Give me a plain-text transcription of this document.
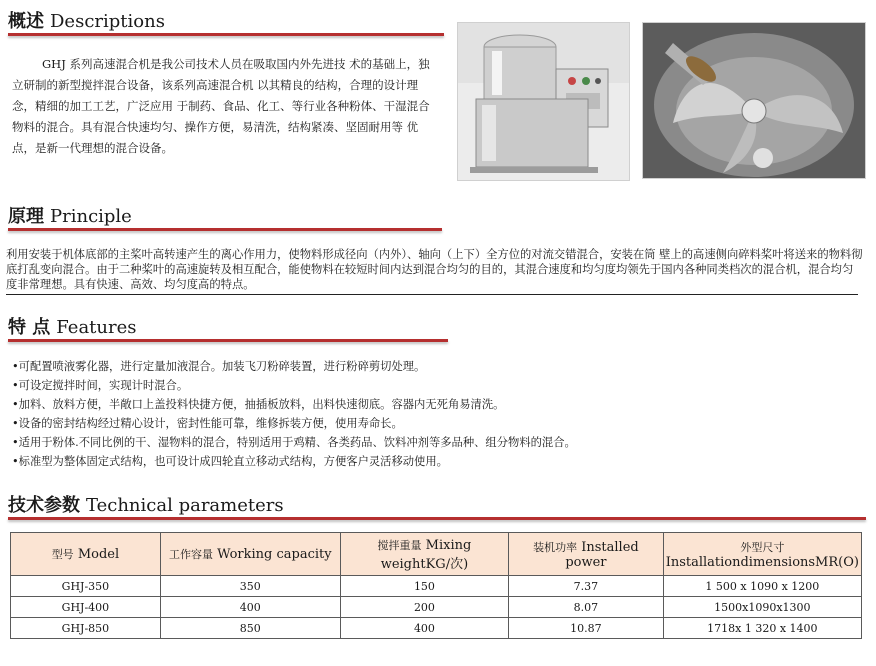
概述 Descriptions

GHJ 系列高速混合机是我公司技术人员在吸取国内外先进技 术的基础上，独立研制的新型搅拌混合设备，该系列高速混合机 以其精良的结构，合理的设计理念，精细的加工工艺，广泛应用 于制药、食品、化工、等行业各种粉体、干湿混合物料的混合。具有混合快速均匀、操作方便，易清洗，结构紧凑、坚固耐用等 优点，是新一代理想的混合设备。

原理 Principle

利用安装于机体底部的主桨叶高转速产生的离心作用力，使物料形成径向（内外）、轴向（上下）全方位的对流交错混合，安装在筒 壁上的高速侧向碎料桨叶将送来的物料彻底打乱变向混合。由于二种桨叶的高速旋转及相互配合，能使物料在较短时间内达到混合均匀的目的，其混合速度和均匀度均领先于国内各种同类档次的混合机，混合均匀度非常理想。具有快速、高效、均匀度高的特点。

特 点 Features
•可配置喷液雾化器，进行定量加液混合。加装飞刀粉碎装置，进行粉碎剪切处理。
•可设定搅拌时间，实现计时混合。
•加料、放料方便，半敞口上盖投料快捷方便，抽插板放料，出料快速彻底。容器内无死角易清洗。
•设备的密封结构经过精心设计，密封性能可靠，维修拆装方便，使用寿命长。
•适用于粉体.不同比例的干、湿物料的混合，特别适用于鸡精、各类药品、饮料冲剂等多品种、组分物料的混合。
•标准型为整体固定式结构，也可设计成四轮直立移动式结构，方便客户灵活移动使用。
技术参数 Technical parameters
型号 Model	工作容量 Working capacity	搅拌重量 Mixing weightKG/次)	装机功率 Installed power	外型尺寸
InstallationdimensionsMR(O)
GHJ-350	350	150	7.37	1 500 x 1090 x 1200
GHJ-400	400	200	8.07	1500x1090x1300
GHJ-850	850	400	10.87	1718x 1 320 x 1400
